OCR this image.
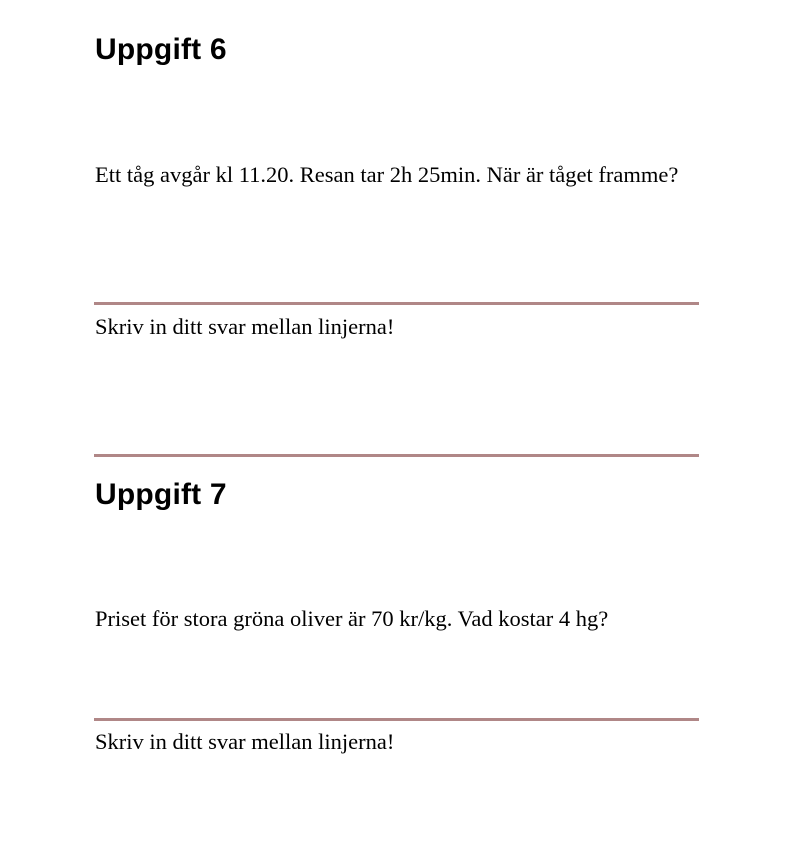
Uppgift 6

Ett tåg avgår kl 11.20. Resan tar 2h 25min. När är tåget framme?

Skriv in ditt svar mellan linjerna!

Uppgift 7

Priset för stora gröna oliver är 70 kr/kg. Vad kostar 4 hg?

Skriv in ditt svar mellan linjerna!
